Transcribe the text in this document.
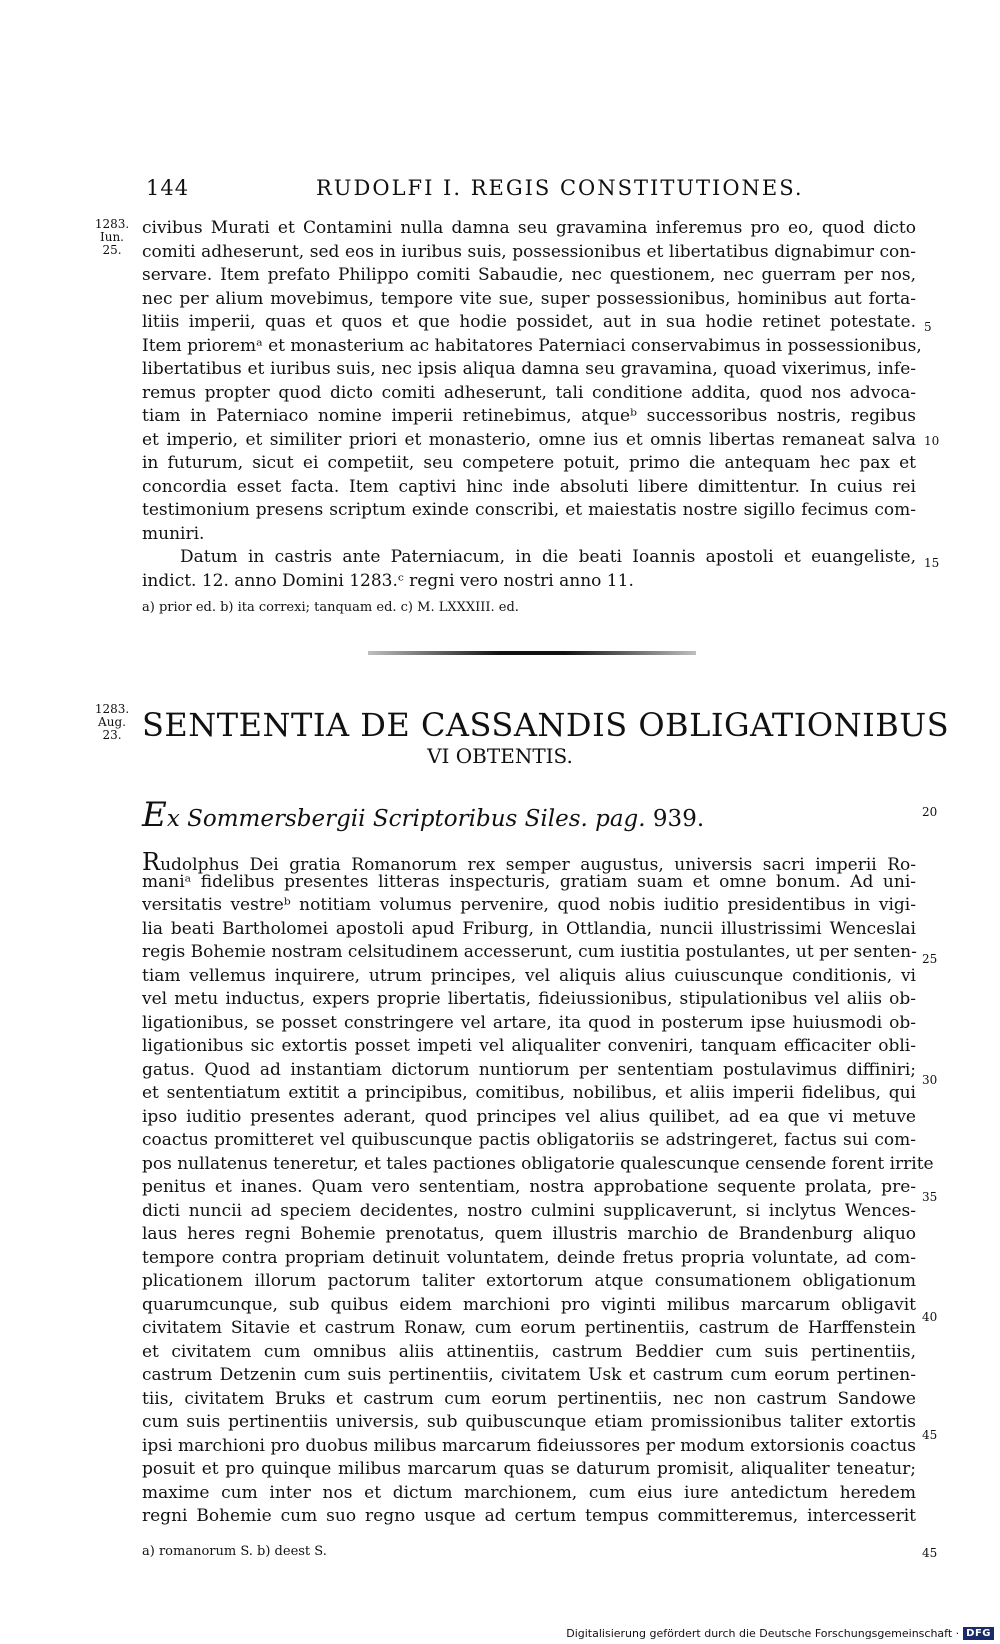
144	RUDOLFI I. REGIS CONSTITUTIONES.
1283.
Iun.
25.
civibus Murati et Contamini nulla damna seu gravamina inferemus pro eo, quod dicto
comiti adheserunt, sed eos in iuribus suis, possessionibus et libertatibus dignabimur con-
servare. Item prefato Philippo comiti Sabaudie, nec questionem, nec guerram per nos,
nec per alium movebimus, tempore vite sue, super possessionibus, hominibus aut forta-
litiis imperii, quas et quos et que hodie possidet, aut in sua hodie retinet potestate.
Item prioremᵃ et monasterium ac habitatores Paterniaci conservabimus in possessionibus,
libertatibus et iuribus suis, nec ipsis aliqua damna seu gravamina, quoad vixerimus, infe-
remus propter quod dicto comiti adheserunt, tali conditione addita, quod nos advoca-
tiam in Paterniaco nomine imperii retinebimus, atqueᵇ successoribus nostris, regibus
et imperio, et similiter priori et monasterio, omne ius et omnis libertas remaneat salva
in futurum, sicut ei competiit, seu competere potuit, primo die antequam hec pax et
concordia esset facta. Item captivi hinc inde absoluti libere dimittentur. In cuius rei
testimonium presens scriptum exinde conscribi, et maiestatis nostre sigillo fecimus com-
muniri.
Datum in castris ante Paterniacum, in die beati Ioannis apostoli et euangeliste,
indict. 12. anno Domini 1283.ᶜ regni vero nostri anno 11.
5
10
15
a) prior ed. b) ita correxi; tanquam ed. c) M. LXXXIII. ed.
1283.
Aug.
23. SENTENTIA DE CASSANDIS OBLIGATIONIBUS
VI OBTENTIS.
Ex Sommersbergii Scriptoribus Siles. pag. 939.	20
Rudolphus Dei gratia Romanorum rex semper augustus, universis sacri imperii Ro-
maniᵃ fidelibus presentes litteras inspecturis, gratiam suam et omne bonum. Ad uni-
versitatis vestreᵇ notitiam volumus pervenire, quod nobis iuditio presidentibus in vigi-
lia beati Bartholomei apostoli apud Friburg, in Ottlandia, nuncii illustrissimi Wenceslai
regis Bohemie nostram celsitudinem accesserunt, cum iustitia postulantes, ut per senten-
tiam vellemus inquirere, utrum principes, vel aliquis alius cuiuscunque conditionis, vi
vel metu inductus, expers proprie libertatis, fideiussionibus, stipulationibus vel aliis ob-
ligationibus, se posset constringere vel artare, ita quod in posterum ipse huiusmodi ob-
ligationibus sic extortis posset impeti vel aliqualiter conveniri, tanquam efficaciter obli-
gatus. Quod ad instantiam dictorum nuntiorum per sententiam postulavimus diffiniri;
et sententiatum extitit a principibus, comitibus, nobilibus, et aliis imperii fidelibus, qui
ipso iuditio presentes aderant, quod principes vel alius quilibet, ad ea que vi metuve
coactus promitteret vel quibuscunque pactis obligatoriis se adstringeret, factus sui com-
pos nullatenus teneretur, et tales pactiones obligatorie qualescunque censende forent irrite
penitus et inanes. Quam vero sententiam, nostra approbatione sequente prolata, pre-
dicti nuncii ad speciem decidentes, nostro culmini supplicaverunt, si inclytus Wences-
laus heres regni Bohemie prenotatus, quem illustris marchio de Brandenburg aliquo
tempore contra propriam detinuit voluntatem, deinde fretus propria voluntate, ad com-
plicationem illorum pactorum taliter extortorum atque consumationem obligationum
quarumcunque, sub quibus eidem marchioni pro viginti milibus marcarum obligavit
civitatem Sitavie et castrum Ronaw, cum eorum pertinentiis, castrum de Harffenstein
et civitatem cum omnibus aliis attinentiis, castrum Beddier cum suis pertinentiis,
castrum Detzenin cum suis pertinentiis, civitatem Usk et castrum cum eorum pertinen-
tiis, civitatem Bruks et castrum cum eorum pertinentiis, nec non castrum Sandowe
cum suis pertinentiis universis, sub quibuscunque etiam promissionibus taliter extortis
ipsi marchioni pro duobus milibus marcarum fideiussores per modum extorsionis coactus
posuit et pro quinque milibus marcarum quas se daturum promisit, aliqualiter teneatur;
maxime cum inter nos et dictum marchionem, cum eius iure antedictum heredem
regni Bohemie cum suo regno usque ad certum tempus committeremus, intercesserit
25
30
35
40
45
a) romanorum S. b) deest S.	45
Digitalisierung gefördert durch die Deutsche Forschungsgemeinschaft · DFG
